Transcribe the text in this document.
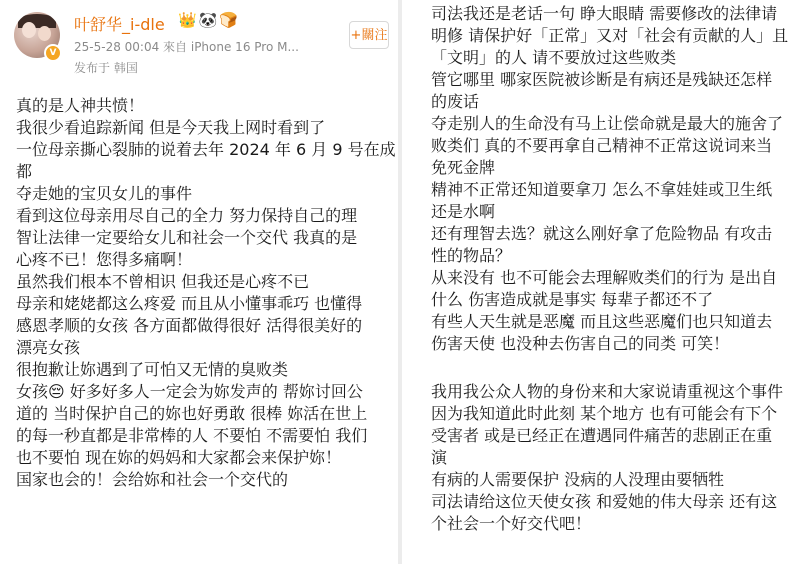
V
叶舒华_i-dle 👑🐼🍞
25-5-28 00:04 來自 iPhone 16 Pro M...
发布于 韩国
+關注
真的是人神共愤！
我很少看追踪新闻 但是今天我上网时看到了
一位母亲撕心裂肺的说着去年 2024 年 6 月 9 号在成
都
夺走她的宝贝女儿的事件
看到这位母亲用尽自己的全力 努力保持自己的理
智让法律一定要给女儿和社会一个交代 我真的是
心疼不已！您得多痛啊！
虽然我们根本不曾相识 但我还是心疼不已
母亲和姥姥都这么疼爱 而且从小懂事乖巧 也懂得
感恩孝顺的女孩 各方面都做得很好 活得很美好的
漂亮女孩
很抱歉让妳遇到了可怕又无情的臭败类
女孩😔 好多好多人一定会为妳发声的 帮妳讨回公
道的 当时保护自己的妳也好勇敢 很棒 妳活在世上
的每一秒直都是非常棒的人 不要怕 不需要怕 我们
也不要怕 现在妳的妈妈和大家都会来保护妳！
国家也会的！会给妳和社会一个交代的
司法我还是老话一句 睁大眼睛 需要修改的法律请
明修 请保护好「正常」又对「社会有贡献的人」且
「文明」的人 请不要放过这些败类
管它哪里 哪家医院被诊断是有病还是残缺还怎样
的废话
夺走别人的生命没有马上让偿命就是最大的施舍了
败类们 真的不要再拿自己精神不正常这说词来当
免死金牌
精神不正常还知道要拿刀 怎么不拿娃娃或卫生纸
还是水啊
还有理智去选？就这么刚好拿了危险物品 有攻击
性的物品？
从来没有 也不可能会去理解败类们的行为 是出自
什么 伤害造成就是事实 每辈子都还不了
有些人天生就是恶魔 而且这些恶魔们也只知道去
伤害天使 也没种去伤害自己的同类 可笑！
我用我公众人物的身份来和大家说请重视这个事件
因为我知道此时此刻 某个地方 也有可能会有下个
受害者 或是已经正在遭遇同件痛苦的悲剧正在重
演
有病的人需要保护 没病的人没理由要牺牲
司法请给这位天使女孩 和爱她的伟大母亲 还有这
个社会一个好交代吧！
